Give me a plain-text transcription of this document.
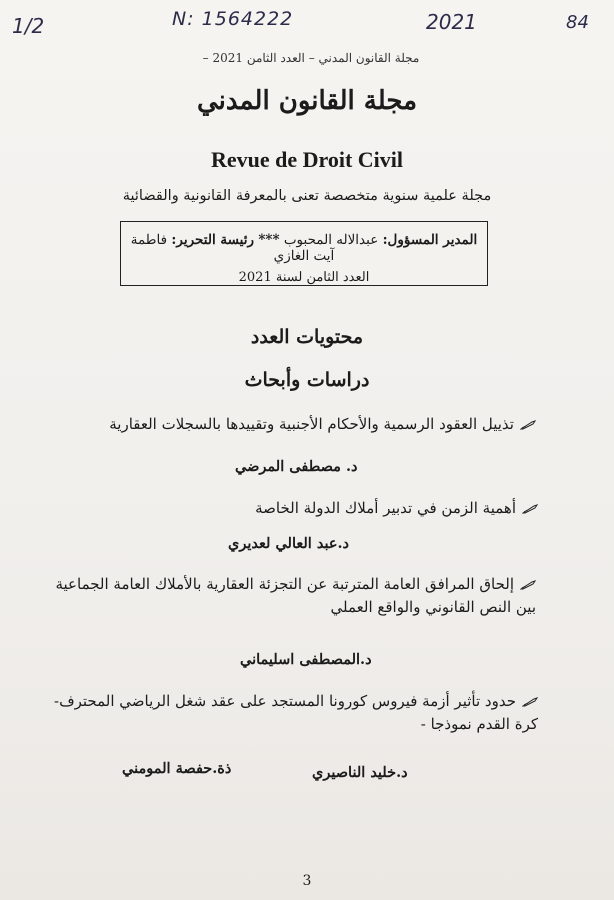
1/2	N: 1564222	2021	84
مجلة القانون المدني – العدد الثامن 2021 –
مجلة القانون المدني
Revue de Droit Civil
مجلة علمية سنوية متخصصة تعنى بالمعرفة القانونية والقضائية
المدير المسؤول: عبدالاله المحبوب *** رئيسة التحرير: فاطمة آيت الغازي
العدد الثامن لسنة 2021
محتويات العدد
دراسات وأبحاث
تذييل العقود الرسمية والأحكام الأجنبية وتقييدها بالسجلات العقارية
د. مصطفى المرضي
أهمية الزمن في تدبير أملاك الدولة الخاصة
د.عبد العالي لعديري
إلحاق المرافق العامة المترتبة عن التجزئة العقارية بالأملاك العامة الجماعية بين النص القانوني والواقع العملي
د.المصطفى اسليماني
حدود تأثير أزمة فيروس كورونا المستجد على عقد شغل الرياضي المحترف- كرة القدم نموذجا -
د.خليد الناصيري
ذة.حفصة المومني
3
